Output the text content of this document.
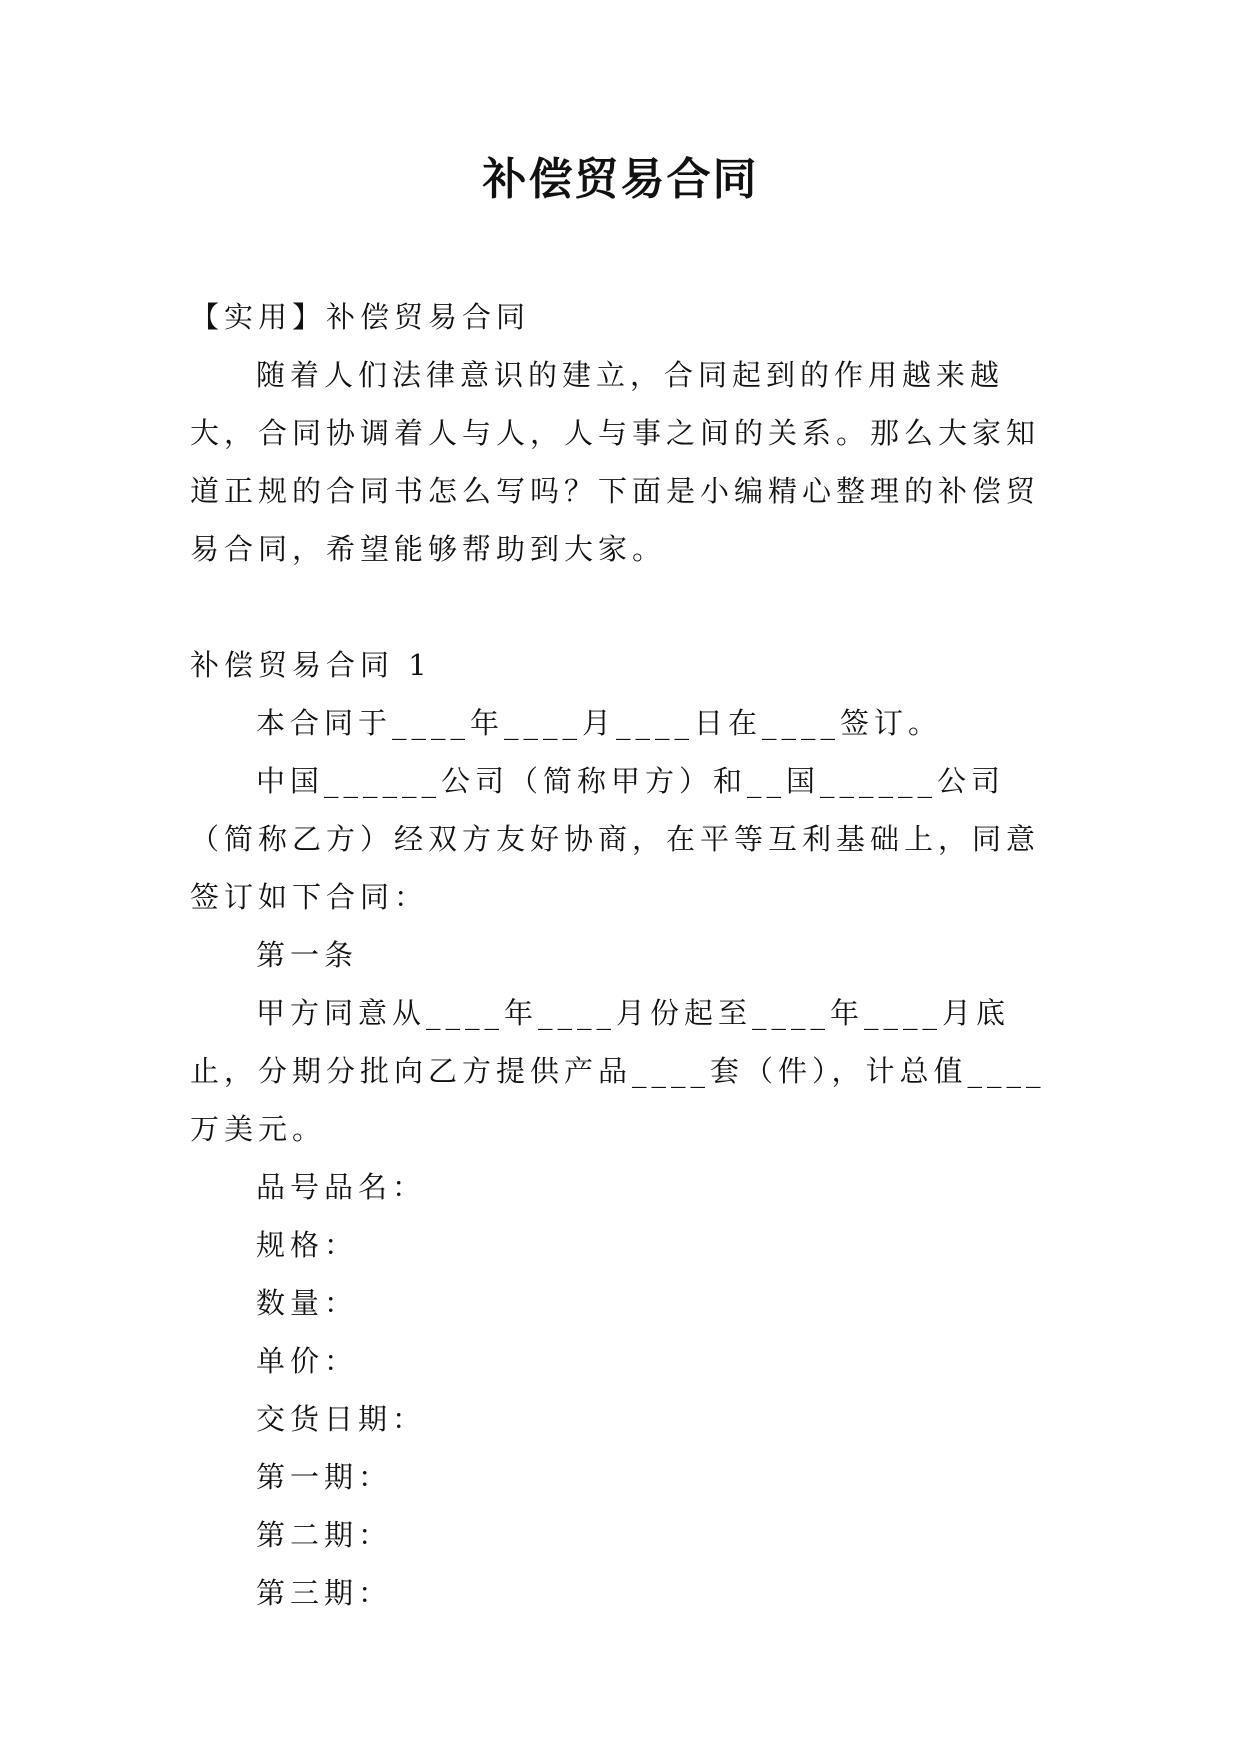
补偿贸易合同

【实用】补偿贸易合同

随着人们法律意识的建立，合同起到的作用越来越大，合同协调着人与人，人与事之间的关系。那么大家知道正规的合同书怎么写吗？下面是小编精心整理的补偿贸易合同，希望能够帮助到大家。

补偿贸易合同 1

本合同于____年____月____日在____签订。

中国______公司（简称甲方）和__国______公司（简称乙方）经双方友好协商，在平等互利基础上，同意签订如下合同：

第一条

甲方同意从____年____月份起至____年____月底止，分期分批向乙方提供产品____套（件），计总值____万美元。

品号品名：

规格：

数量：

单价：

交货日期：

第一期：

第二期：

第三期：
